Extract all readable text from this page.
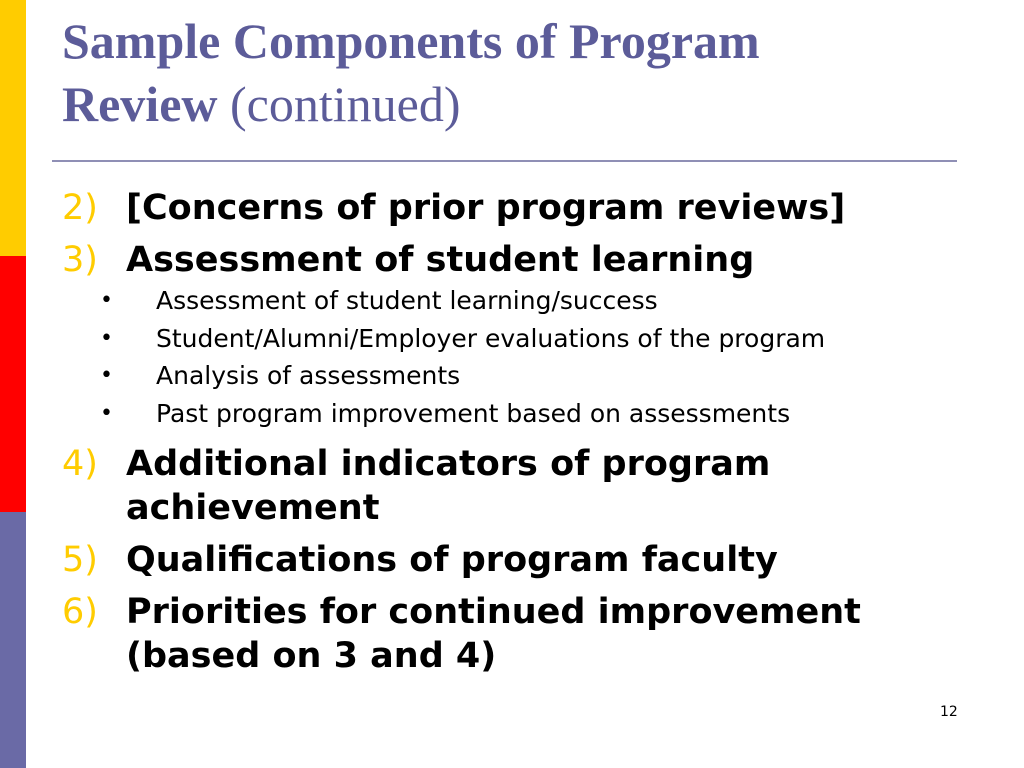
Sample Components of Program
Review (continued)
2) [Concerns of prior program reviews]
3) Assessment of student learning
•	Assessment of student learning/success
•	Student/Alumni/Employer evaluations of the program
•	Analysis of assessments
•	Past program improvement based on assessments
4) Additional indicators of program achievement
5) Qualifications of program faculty
6) Priorities for continued improvement (based on 3 and 4)
12
